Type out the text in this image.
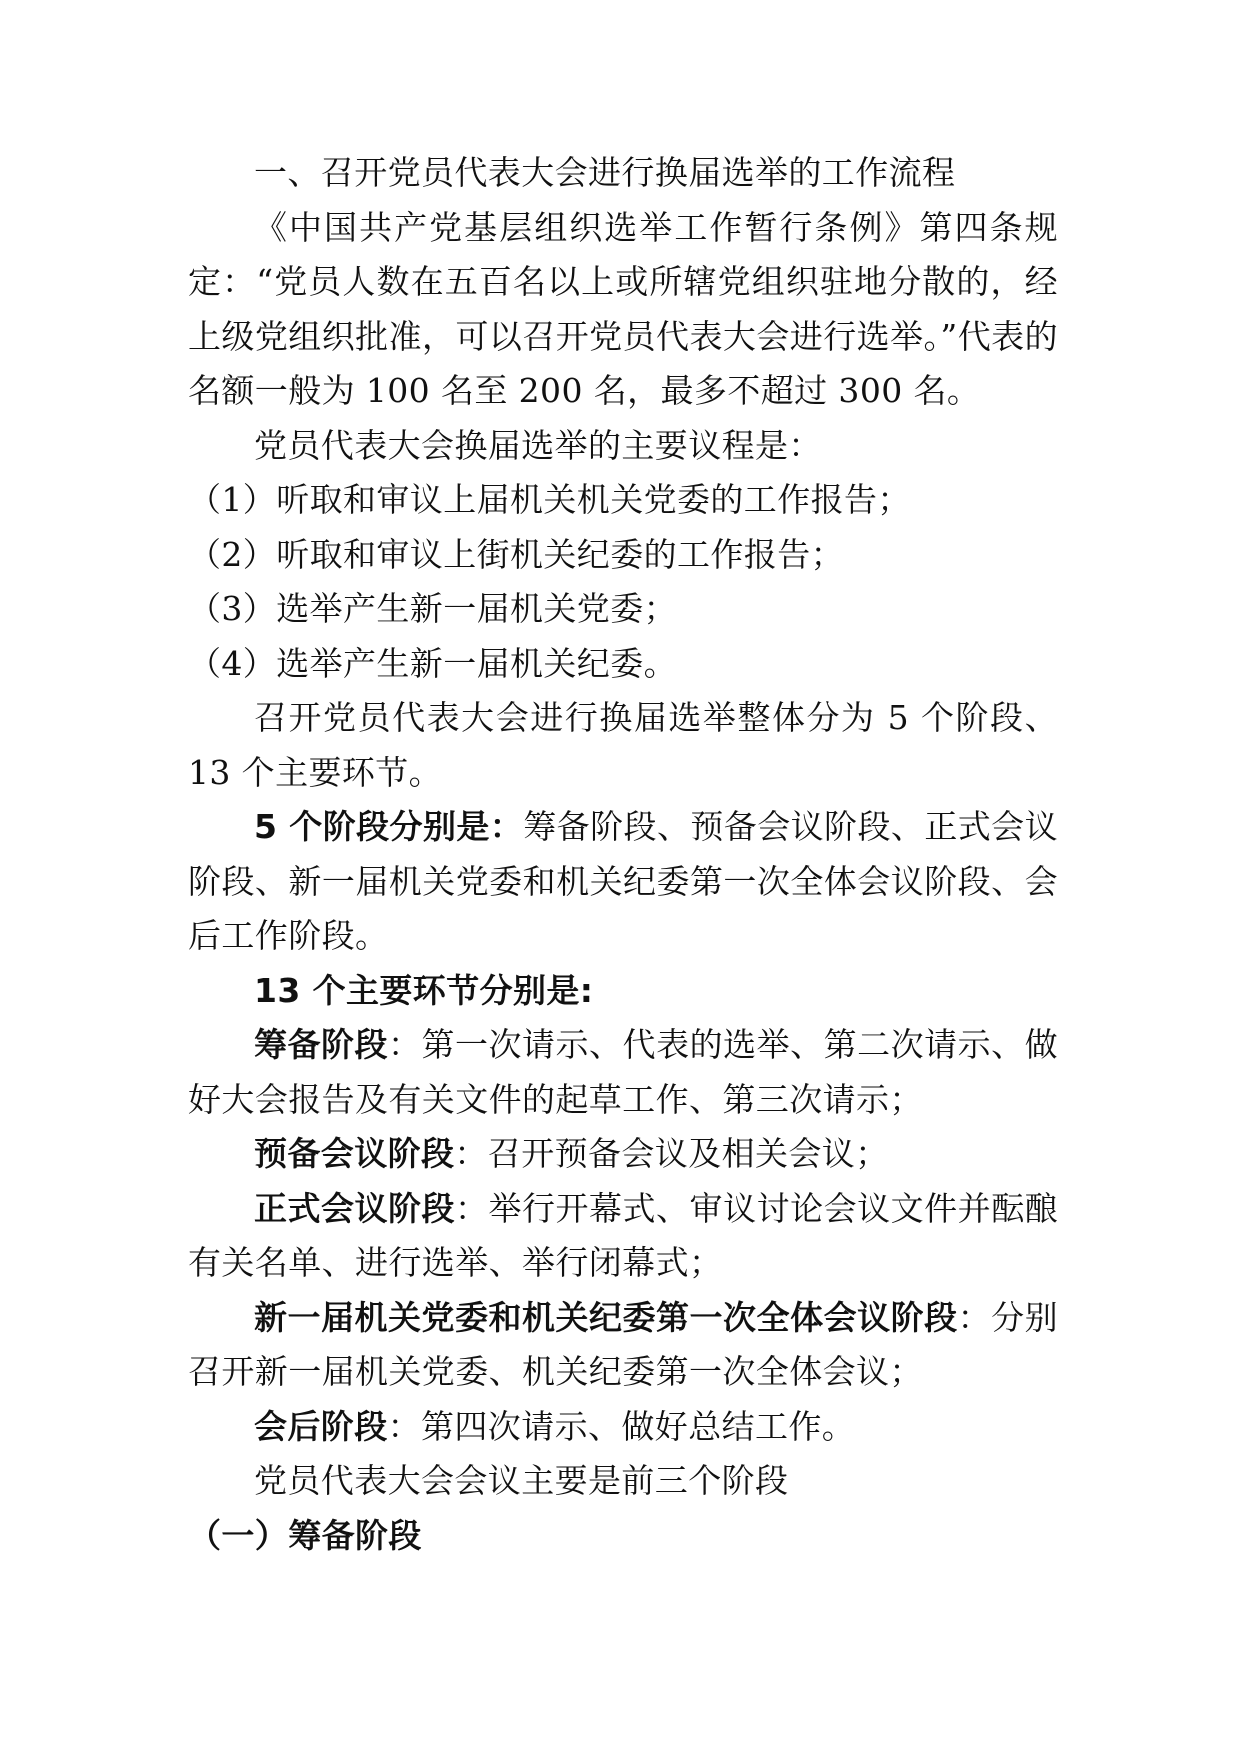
一、召开党员代表大会进行换届选举的工作流程

《中国共产党基层组织选举工作暂行条例》第四条规定：“党员人数在五百名以上或所辖党组织驻地分散的，经上级党组织批准，可以召开党员代表大会进行选举。”代表的名额一般为 100 名至 200 名，最多不超过 300 名。

党员代表大会换届选举的主要议程是：

（1）听取和审议上届机关机关党委的工作报告；

（2）听取和审议上街机关纪委的工作报告；

（3）选举产生新一届机关党委；

（4）选举产生新一届机关纪委。

召开党员代表大会进行换届选举整体分为 5 个阶段、13 个主要环节。

5 个阶段分别是：筹备阶段、预备会议阶段、正式会议阶段、新一届机关党委和机关纪委第一次全体会议阶段、会后工作阶段。

13 个主要环节分别是:

筹备阶段：第一次请示、代表的选举、第二次请示、做好大会报告及有关文件的起草工作、第三次请示；

预备会议阶段：召开预备会议及相关会议；

正式会议阶段：举行开幕式、审议讨论会议文件并酝酿有关名单、进行选举、举行闭幕式；

新一届机关党委和机关纪委第一次全体会议阶段：分别召开新一届机关党委、机关纪委第一次全体会议；

会后阶段：第四次请示、做好总结工作。

党员代表大会会议主要是前三个阶段

（一）筹备阶段
